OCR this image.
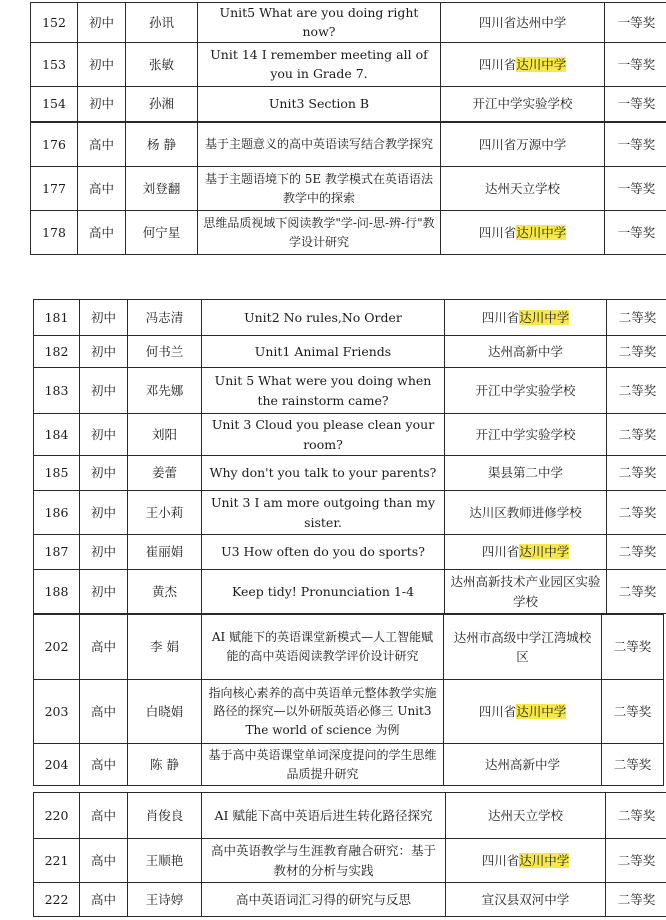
152	初中	孙讯	Unit5 What are you doing right now?	四川省达州中学	一等奖
153	初中	张敏	Unit 14 I remember meeting all of you in Grade 7.	四川省达川中学	一等奖
154	初中	孙湘	Unit3 Section B	开江中学实验学校	一等奖
176	高中	杨 静	基于主题意义的高中英语读写结合教学探究	四川省万源中学	一等奖
177	高中	刘登翻	基于主题语境下的 5E 教学模式在英语语法教学中的探索	达州天立学校	一等奖
178	高中	何宁星	思维品质视域下阅读教学"学-问-思-辨-行"教学设计研究	四川省达川中学	一等奖
181	初中	冯志清	Unit2 No rules,No Order	四川省达川中学	二等奖
182	初中	何书兰	Unit1 Animal Friends	达州高新中学	二等奖
183	初中	邓先娜	Unit 5 What were you doing when the rainstorm came?	开江中学实验学校	二等奖
184	初中	刘阳	Unit 3 Cloud you please clean your room?	开江中学实验学校	二等奖
185	初中	姜蕾	Why don't you talk to your parents?	渠县第二中学	二等奖
186	初中	王小莉	Unit 3 I am more outgoing than my sister.	达川区教师进修学校	二等奖
187	初中	崔丽娟	U3 How often do you do sports?	四川省达川中学	二等奖
188	初中	黄杰	Keep tidy! Pronunciation 1-4	达州高新技术产业园区实验学校	二等奖
202	高中	李 娟	AI 赋能下的英语课堂新模式—人工智能赋能的高中英语阅读教学评价设计研究	达州市高级中学江湾城校区	二等奖
203	高中	白晓娟	指向核心素养的高中英语单元整体教学实施路径的探究—以外研版英语必修三 Unit3 The world of science 为例	四川省达川中学	二等奖
204	高中	陈 静	基于高中英语课堂单词深度提问的学生思维品质提升研究	达州高新中学	二等奖
220	高中	肖俊良	AI 赋能下高中英语后进生转化路径探究	达州天立学校	二等奖
221	高中	王顺艳	高中英语教学与生涯教育融合研究：基于教材的分析与实践	四川省达川中学	二等奖
222	高中	王诗婷	高中英语词汇习得的研究与反思	宣汉县双河中学	二等奖
